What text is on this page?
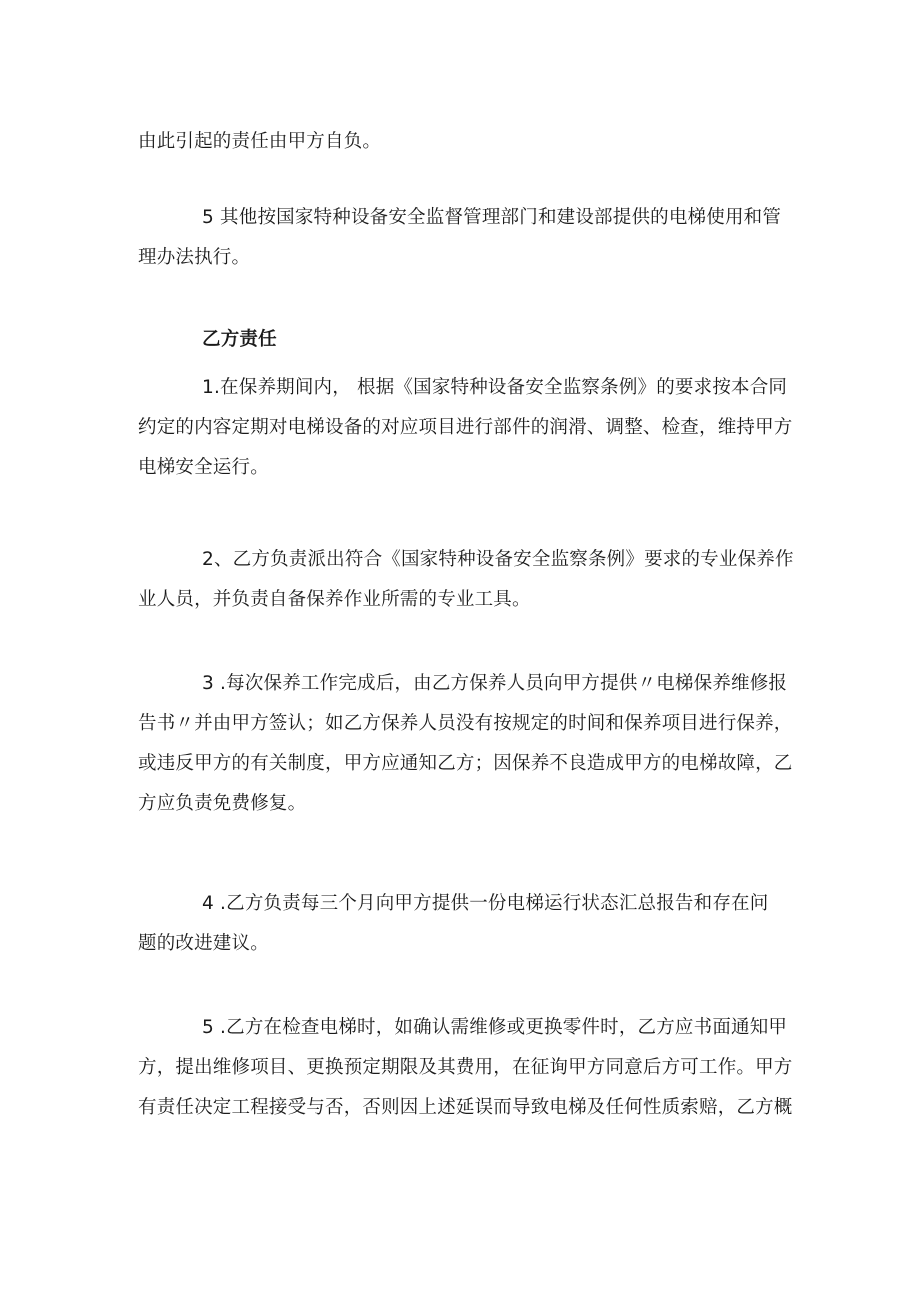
由此引起的责任由甲方自负。
5 其他按国家特种设备安全监督管理部门和建设部提供的电梯使用和管
理办法执行。
乙方责任
1.在保养期间内， 根据《国家特种设备安全监察条例》的要求按本合同
约定的内容定期对电梯设备的对应项目进行部件的润滑、调整、检查，维持甲方
电梯安全运行。
2、乙方负责派出符合《国家特种设备安全监察条例》要求的专业保养作
业人员，并负责自备保养作业所需的专业工具。
3 .每次保养工作完成后，由乙方保养人员向甲方提供〃电梯保养维修报
告书〃并由甲方签认；如乙方保养人员没有按规定的时间和保养项目进行保养，
或违反甲方的有关制度，甲方应通知乙方；因保养不良造成甲方的电梯故障，乙
方应负责免费修复。
4 .乙方负责每三个月向甲方提供一份电梯运行状态汇总报告和存在问
题的改进建议。
5 .乙方在检查电梯时，如确认需维修或更换零件时，乙方应书面通知甲
方，提出维修项目、更换预定期限及其费用，在征询甲方同意后方可工作。甲方
有责任决定工程接受与否，否则因上述延误而导致电梯及任何性质索赔，乙方概
